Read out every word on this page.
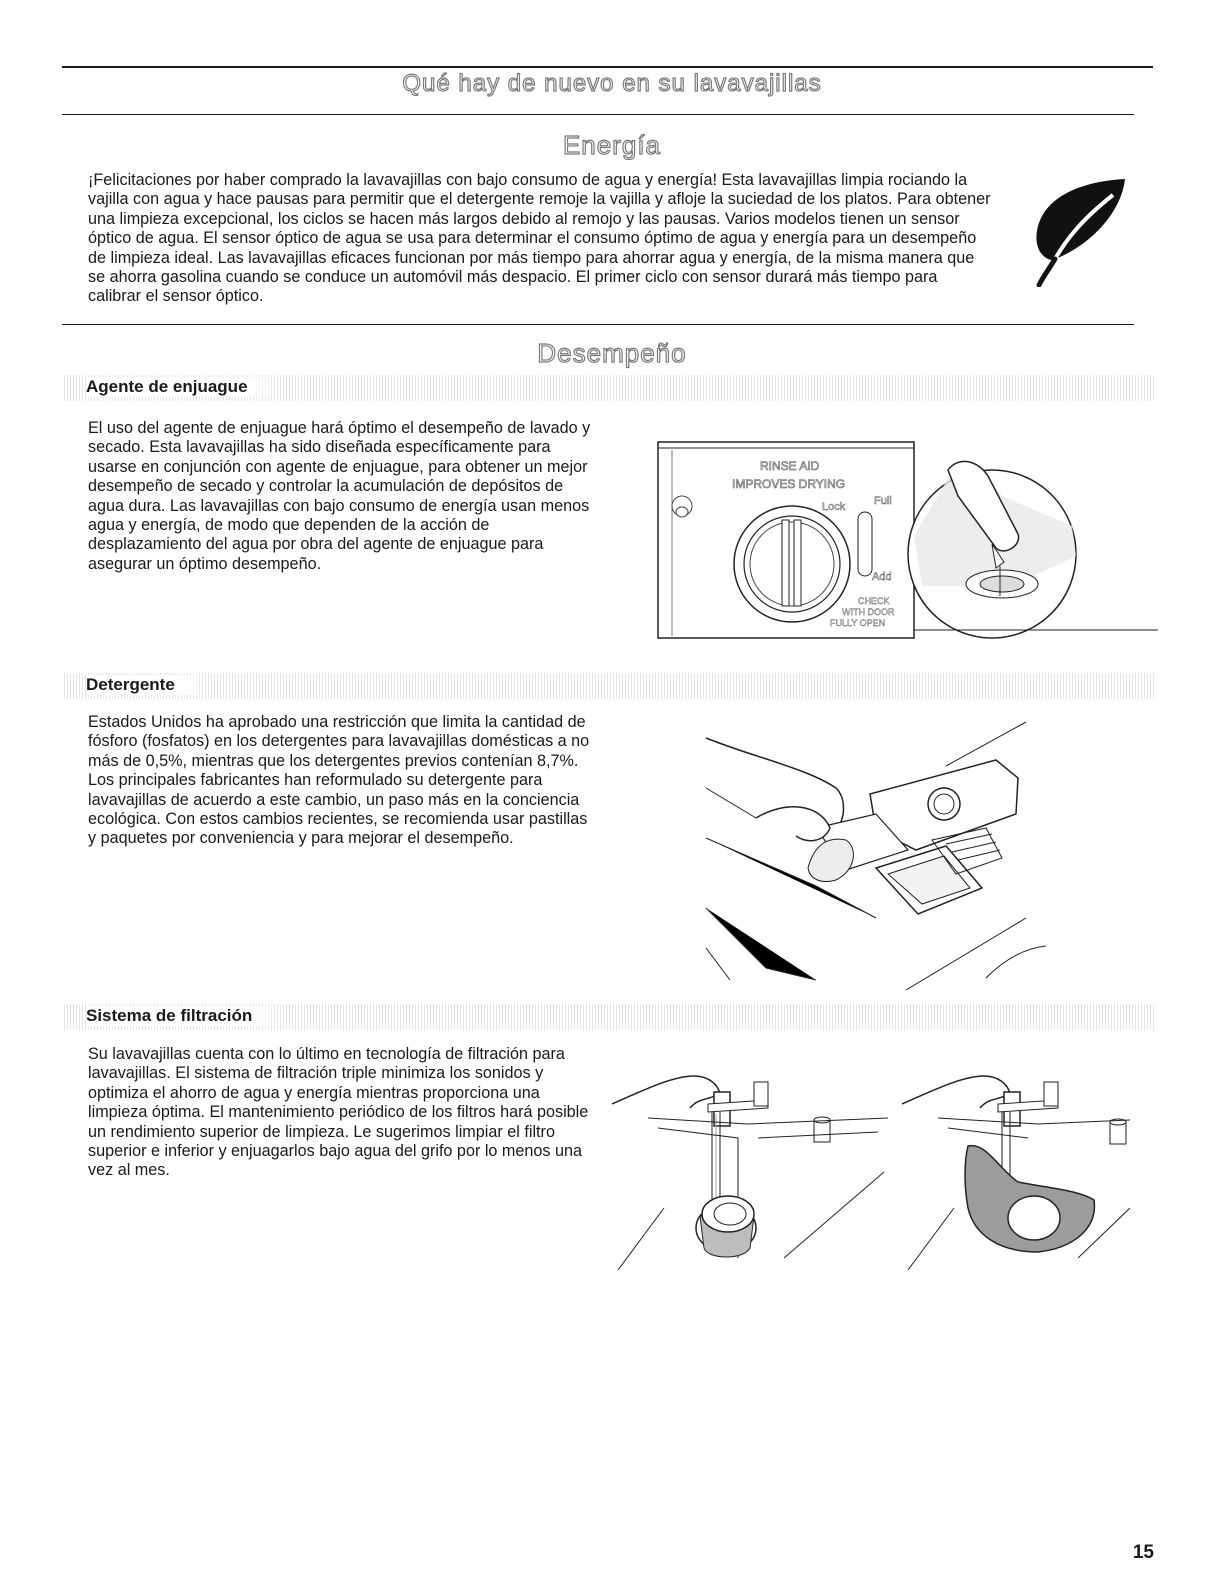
Qué hay de nuevo en su lavavajillas
Energía

¡Felicitaciones por haber comprado la lavavajillas con bajo consumo de agua y energía! Esta lavavajillas limpia rociando la vajilla con agua y hace pausas para permitir que el detergente remoje la vajilla y afloje la suciedad de los platos. Para obtener una limpieza excepcional, los ciclos se hacen más largos debido al remojo y las pausas. Varios modelos tienen un sensor óptico de agua. El sensor óptico de agua se usa para determinar el consumo óptimo de agua y energía para un desempeño de limpieza ideal. Las lavavajillas eficaces funcionan por más tiempo para ahorrar agua y energía, de la misma manera que se ahorra gasolina cuando se conduce un automóvil más despacio. El primer ciclo con sensor durará más tiempo para calibrar el sensor óptico.

Desempeño
Agente de enjuague

El uso del agente de enjuague hará óptimo el desempeño de lavado y secado. Esta lavavajillas ha sido diseñada específicamente para usarse en conjunción con agente de enjuague, para obtener un mejor desempeño de secado y controlar la acumulación de depósitos de agua dura. Las lavavajillas con bajo consumo de energía usan menos agua y energía, de modo que dependen de la acción de desplazamiento del agua por obra del agente de enjuague para asegurar un óptimo desempeño.

RINSE AID
IMPROVES DRYING
Lock	Full
Add
CHECK
WITH DOOR
FULLY OPEN
Detergente

Estados Unidos ha aprobado una restricción que limita la cantidad de fósforo (fosfatos) en los detergentes para lavavajillas domésticas a no más de 0,5%, mientras que los detergentes previos contenían 8,7%. Los principales fabricantes han reformulado su detergente para lavavajillas de acuerdo a este cambio, un paso más en la conciencia ecológica. Con estos cambios recientes, se recomienda usar pastillas y paquetes por conveniencia y para mejorar el desempeño.

Sistema de filtración

Su lavavajillas cuenta con lo último en tecnología de filtración para lavavajillas. El sistema de filtración triple minimiza los sonidos y optimiza el ahorro de agua y energía mientras proporciona una limpieza óptima. El mantenimiento periódico de los filtros hará posible un rendimiento superior de limpieza. Le sugerimos limpiar el filtro superior e inferior y enjuagarlos bajo agua del grifo por lo menos una vez al mes.

15
